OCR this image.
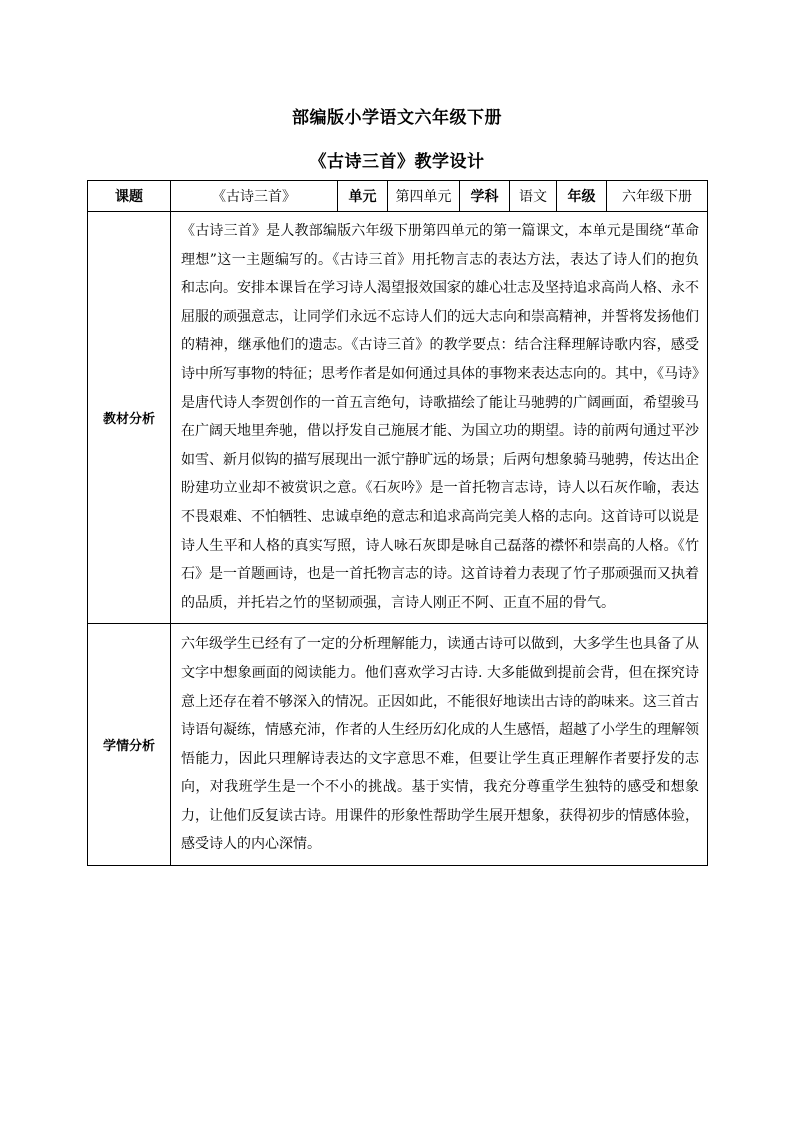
部编版小学语文六年级下册
《古诗三首》教学设计
课题	《古诗三首》	单元	第四单元	学科	语文	年级	六年级下册
教材分析	《古诗三首》是人教部编版六年级下册第四单元的第一篇课文，本单元是围绕“革命理想”这一主题编写的。《古诗三首》用托物言志的表达方法，表达了诗人们的抱负和志向。安排本课旨在学习诗人渴望报效国家的雄心壮志及坚持追求高尚人格、永不屈服的顽强意志，让同学们永远不忘诗人们的远大志向和崇高精神，并誓将发扬他们的精神，继承他们的遗志。《古诗三首》的教学要点：结合注释理解诗歌内容，感受诗中所写事物的特征；思考作者是如何通过具体的事物来表达志向的。其中，《马诗》是唐代诗人李贺创作的一首五言绝句，诗歌描绘了能让马驰骋的广阔画面，希望骏马在广阔天地里奔驰，借以抒发自己施展才能、为国立功的期望。诗的前两句通过平沙如雪、新月似钩的描写展现出一派宁静旷远的场景；后两句想象骑马驰骋，传达出企盼建功立业却不被赏识之意。《石灰吟》是一首托物言志诗，诗人以石灰作喻，表达不畏艰难、不怕牺牲、忠诚卓绝的意志和追求高尚完美人格的志向。这首诗可以说是诗人生平和人格的真实写照，诗人咏石灰即是咏自己磊落的襟怀和崇高的人格。《竹石》是一首题画诗，也是一首托物言志的诗。这首诗着力表现了竹子那顽强而又执着的品质，并托岩之竹的坚韧顽强，言诗人刚正不阿、正直不屈的骨气。						
学情分析	六年级学生已经有了一定的分析理解能力，读通古诗可以做到，大多学生也具备了从文字中想象画面的阅读能力。他们喜欢学习古诗. 大多能做到提前会背，但在探究诗意上还存在着不够深入的情况。正因如此，不能很好地读出古诗的韵味来。这三首古诗语句凝练，情感充沛，作者的人生经历幻化成的人生感悟，超越了小学生的理解领悟能力，因此只理解诗表达的文字意思不难，但要让学生真正理解作者要抒发的志向，对我班学生是一个不小的挑战。基于实情，我充分尊重学生独特的感受和想象力，让他们反复读古诗。用课件的形象性帮助学生展开想象，获得初步的情感体验，感受诗人的内心深情。						
